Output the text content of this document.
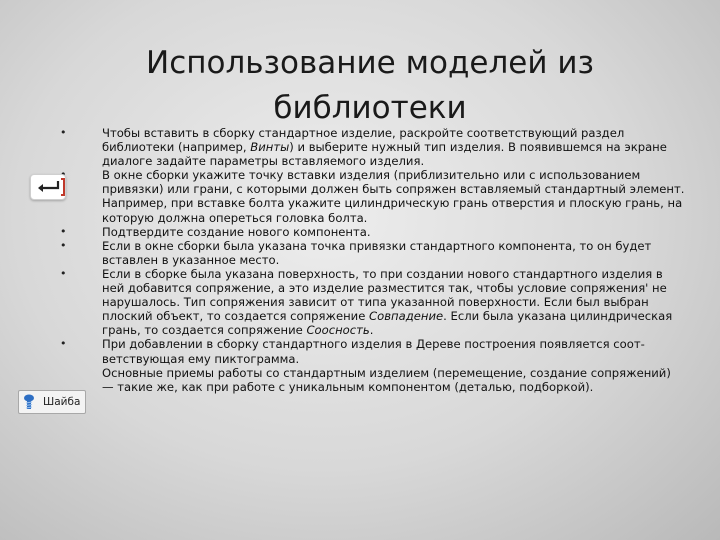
Использование моделей из библиотеки
• Чтобы вставить в сборку стандартное изделие, раскройте соответствующий раздел библиотеки (например, Винты) и выберите нужный тип изделия. В появившемся на экране диалоге задайте параметры вставляемого изделия.
• В окне сборки укажите точку вставки изделия (приблизительно или с использованием привязки) или грани, с которыми должен быть сопряжен вставляемый стандартный элемент. Например, при вставке болта укажите цилиндрическую грань отверстия и плоскую грань, на которую должна опереться головка болта.
• Подтвердите создание нового компонента.
• Если в окне сборки была указана точка привязки стандартного компонента, то он будет вставлен в указанное место.
• Если в сборке была указана поверхность, то при создании нового стандартного изделия в ней добавится сопряжение, а это изделие разместится так, чтобы условие сопряжения' не нарушалось. Тип сопряжения зависит от типа указанной поверхности. Если был выбран плоский объект, то создается сопряжение Совпадение. Если была указана цилиндрическая грань, то создается сопряжение Соосность.
• При добавлении в сборку стандартного изделия в Дереве построения появляется соот-ветствующая ему пиктограмма.
Основные приемы работы со стандартным изделием (перемещение, создание сопряжений) — такие же, как при работе с уникальным компонентом (деталью, подборкой).
Шайба
